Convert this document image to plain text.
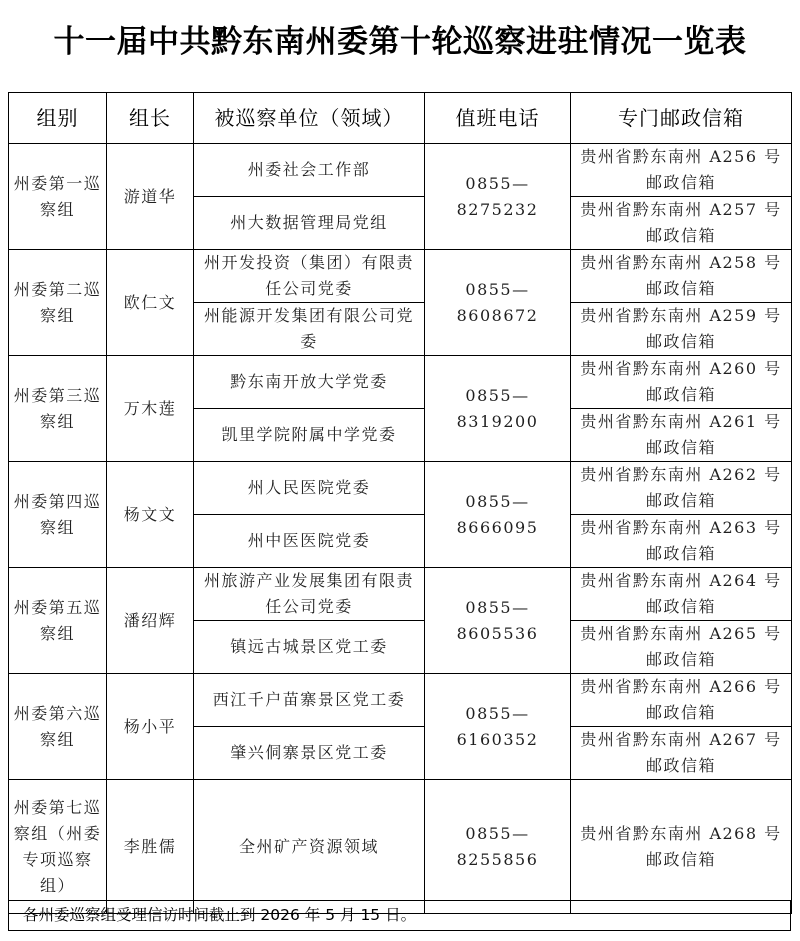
十一届中共黔东南州委第十轮巡察进驻情况一览表
组别	组长	被巡察单位（领域）	值班电话	专门邮政信箱
州委第一巡察组	游道华	州委社会工作部	0855—8275232	贵州省黔东南州 A256 号邮政信箱
		州大数据管理局党组		贵州省黔东南州 A257 号邮政信箱
州委第二巡察组	欧仁文	州开发投资（集团）有限责任公司党委	0855—8608672	贵州省黔东南州 A258 号邮政信箱
		州能源开发集团有限公司党委		贵州省黔东南州 A259 号邮政信箱
州委第三巡察组	万木莲	黔东南开放大学党委	0855—8319200	贵州省黔东南州 A260 号邮政信箱
		凯里学院附属中学党委		贵州省黔东南州 A261 号邮政信箱
州委第四巡察组	杨文文	州人民医院党委	0855—8666095	贵州省黔东南州 A262 号邮政信箱
		州中医医院党委		贵州省黔东南州 A263 号邮政信箱
州委第五巡察组	潘绍辉	州旅游产业发展集团有限责任公司党委	0855—8605536	贵州省黔东南州 A264 号邮政信箱
		镇远古城景区党工委		贵州省黔东南州 A265 号邮政信箱
州委第六巡察组	杨小平	西江千户苗寨景区党工委	0855—6160352	贵州省黔东南州 A266 号邮政信箱
		肇兴侗寨景区党工委		贵州省黔东南州 A267 号邮政信箱
州委第七巡察组（州委专项巡察组）	李胜儒	全州矿产资源领域	0855—8255856	贵州省黔东南州 A268 号邮政信箱
各州委巡察组受理信访时间截止到 2026 年 5 月 15 日。
